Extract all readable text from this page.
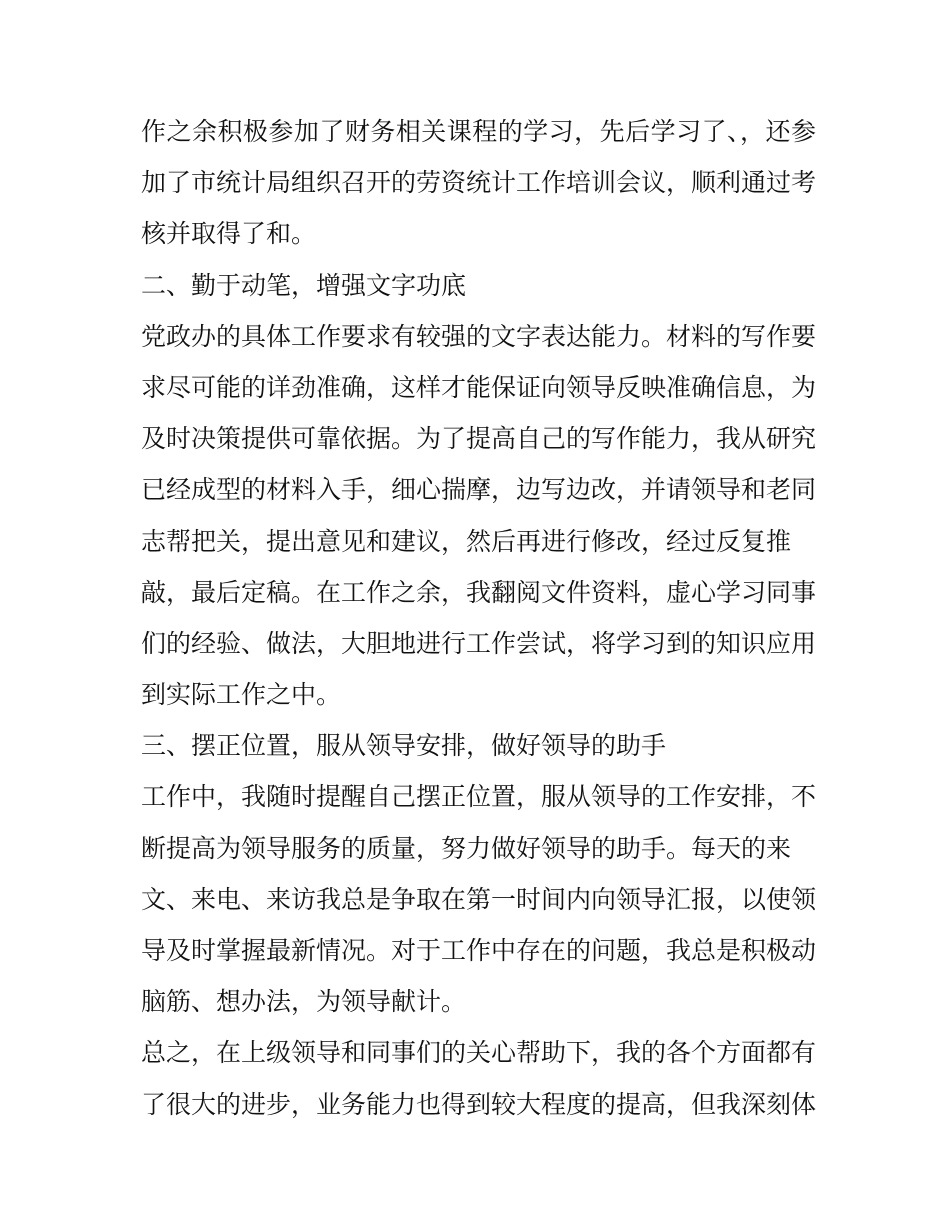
作之余积极参加了财务相关课程的学习，先后学习了、，还参
加了市统计局组织召开的劳资统计工作培训会议，顺利通过考
核并取得了和。
二、勤于动笔，增强文字功底
党政办的具体工作要求有较强的文字表达能力。材料的写作要
求尽可能的详劲准确，这样才能保证向领导反映准确信息，为
及时决策提供可靠依据。为了提高自己的写作能力，我从研究
已经成型的材料入手，细心揣摩，边写边改，并请领导和老同
志帮把关，提出意见和建议，然后再进行修改，经过反复推
敲，最后定稿。在工作之余，我翻阅文件资料，虚心学习同事
们的经验、做法，大胆地进行工作尝试，将学习到的知识应用
到实际工作之中。
三、摆正位置，服从领导安排，做好领导的助手
工作中，我随时提醒自己摆正位置，服从领导的工作安排，不
断提高为领导服务的质量，努力做好领导的助手。每天的来
文、来电、来访我总是争取在第一时间内向领导汇报，以使领
导及时掌握最新情况。对于工作中存在的问题，我总是积极动
脑筋、想办法，为领导献计。
总之，在上级领导和同事们的关心帮助下，我的各个方面都有
了很大的进步，业务能力也得到较大程度的提高，但我深刻体
